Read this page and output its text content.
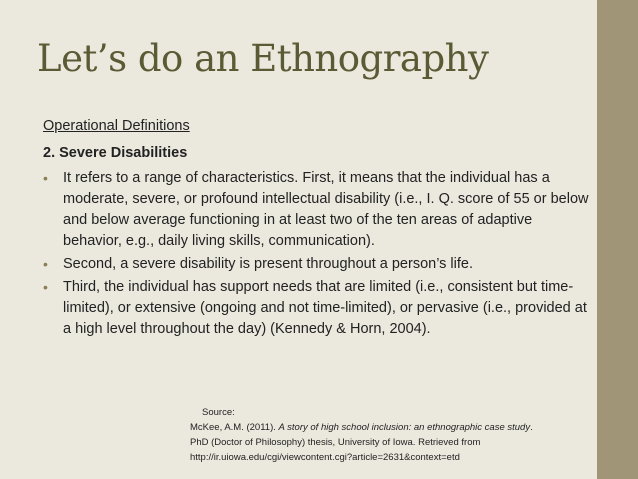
Let’s do an Ethnography
Operational Definitions
2. Severe Disabilities
• It refers to a range of characteristics. First, it means that the individual has a moderate, severe, or profound intellectual disability (i.e., I. Q. score of 55 or below and below average functioning in at least two of the ten areas of adaptive behavior, e.g., daily living skills, communication).
• Second, a severe disability is present throughout a person’s life.
• Third, the individual has support needs that are limited (i.e., consistent but time-limited), or extensive (ongoing and not time-limited), or pervasive (i.e., provided at a high level throughout the day) (Kennedy & Horn, 2004).
Source:
McKee, A.M. (2011). A story of high school inclusion: an ethnographic case study.
PhD (Doctor of Philosophy) thesis, University of Iowa. Retrieved from
http://ir.uiowa.edu/cgi/viewcontent.cgi?article=2631&context=etd
